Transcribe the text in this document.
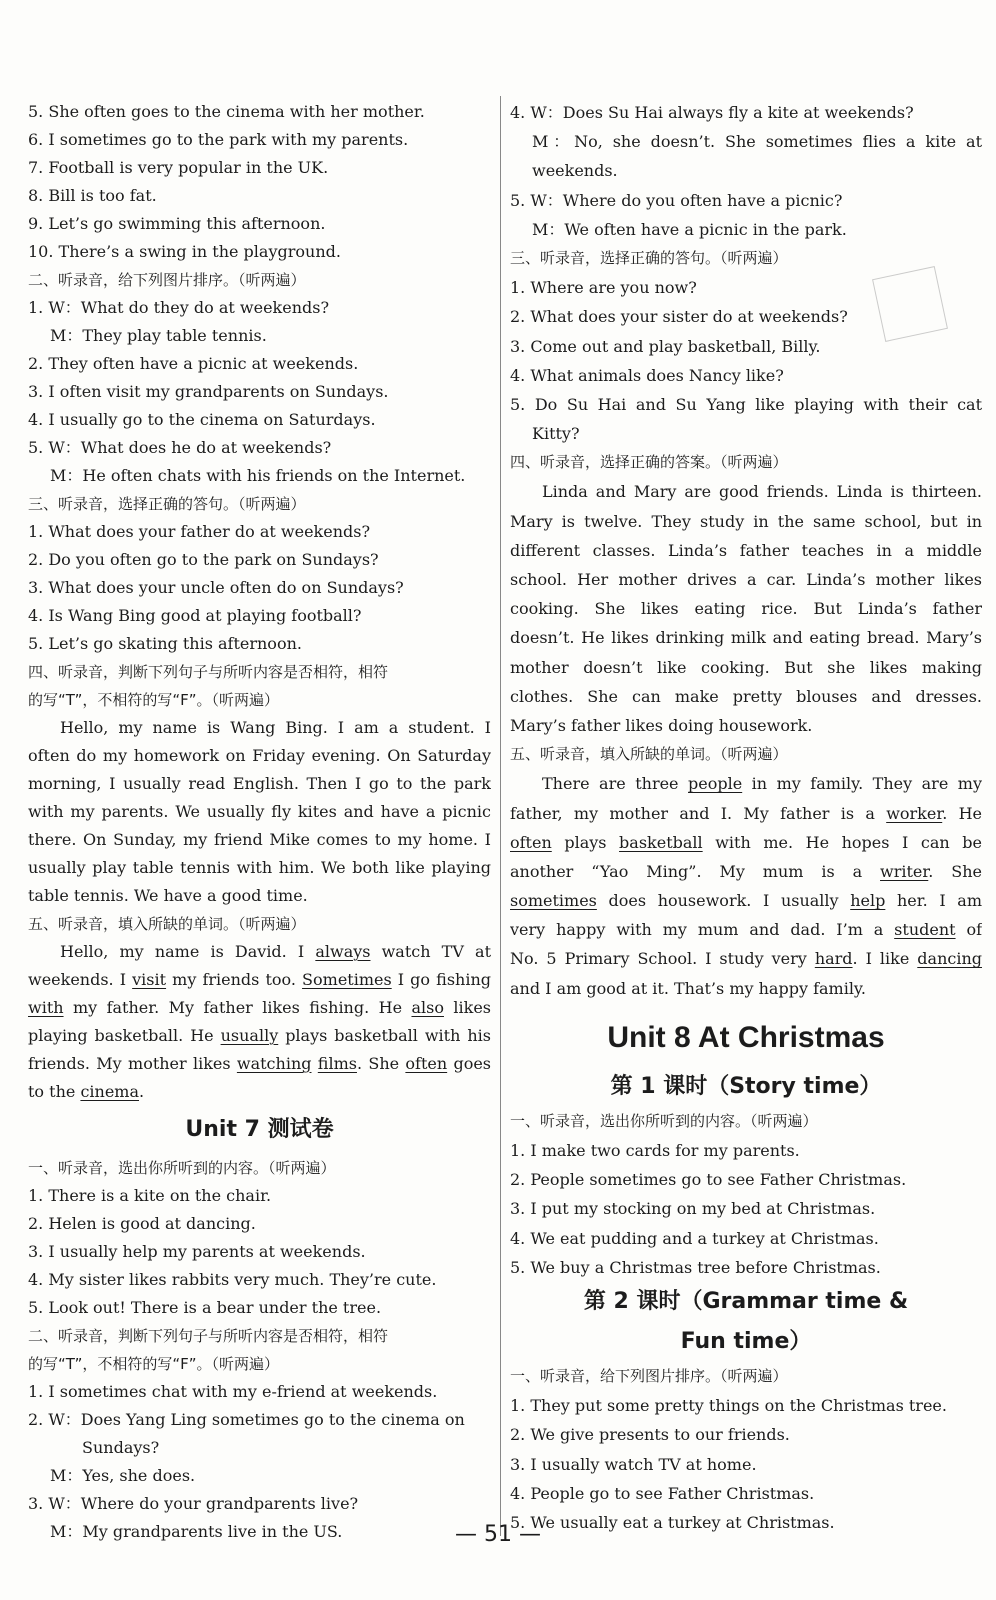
5. She often goes to the cinema with her mother.
6. I sometimes go to the park with my parents.
7. Football is very popular in the UK.
8. Bill is too fat.
9. Let’s go swimming this afternoon.
10. There’s a swing in the playground.
二、听录音，给下列图片排序。（听两遍）
1. W：What do they do at weekends?
M：They play table tennis.
2. They often have a picnic at weekends.
3. I often visit my grandparents on Sundays.
4. I usually go to the cinema on Saturdays.
5. W：What does he do at weekends?
M：He often chats with his friends on the Internet.
三、听录音，选择正确的答句。（听两遍）
1. What does your father do at weekends?
2. Do you often go to the park on Sundays?
3. What does your uncle often do on Sundays?
4. Is Wang Bing good at playing football?
5. Let’s go skating this afternoon.
四、听录音，判断下列句子与所听内容是否相符，相符
的写“T”，不相符的写“F”。（听两遍）
Hello, my name is Wang Bing. I am a student. I
often do my homework on Friday evening. On Saturday
morning, I usually read English. Then I go to the park
with my parents. We usually fly kites and have a picnic
there. On Sunday, my friend Mike comes to my home. I
usually play table tennis with him. We both like playing
table tennis. We have a good time.
五、听录音，填入所缺的单词。（听两遍）
Hello, my name is David. I always watch TV at
weekends. I visit my friends too. Sometimes I go fishing
with my father. My father likes fishing. He also likes
playing basketball. He usually plays basketball with his
friends. My mother likes watching films. She often goes
to the cinema.
Unit 7 测试卷
一、听录音，选出你所听到的内容。（听两遍）
1. There is a kite on the chair.
2. Helen is good at dancing.
3. I usually help my parents at weekends.
4. My sister likes rabbits very much. They’re cute.
5. Look out! There is a bear under the tree.
二、听录音，判断下列句子与所听内容是否相符，相符
的写“T”，不相符的写“F”。（听两遍）
1. I sometimes chat with my e-friend at weekends.
2. W：Does Yang Ling sometimes go to the cinema on
Sundays?
M：Yes, she does.
3. W：Where do your grandparents live?
M：My grandparents live in the US.
4. W：Does Su Hai always fly a kite at weekends?
M：No, she doesn’t. She sometimes flies a kite at
weekends.
5. W：Where do you often have a picnic?
M：We often have a picnic in the park.
三、听录音，选择正确的答句。（听两遍）
1. Where are you now?
2. What does your sister do at weekends?
3. Come out and play basketball, Billy.
4. What animals does Nancy like?
5. Do Su Hai and Su Yang like playing with their cat
Kitty?
四、听录音，选择正确的答案。（听两遍）
Linda and Mary are good friends. Linda is thirteen.
Mary is twelve. They study in the same school, but in
different classes. Linda’s father teaches in a middle
school. Her mother drives a car. Linda’s mother likes
cooking. She likes eating rice. But Linda’s father
doesn’t. He likes drinking milk and eating bread. Mary’s
mother doesn’t like cooking. But she likes making
clothes. She can make pretty blouses and dresses.
Mary’s father likes doing housework.
五、听录音，填入所缺的单词。（听两遍）
There are three people in my family. They are my
father, my mother and I. My father is a worker. He
often plays basketball with me. He hopes I can be
another “Yao Ming”. My mum is a writer. She
sometimes does housework. I usually help her. I am
very happy with my mum and dad. I’m a student of
No. 5 Primary School. I study very hard. I like dancing
and I am good at it. That’s my happy family.
Unit 8 At Christmas
第 1 课时（Story time）
一、听录音，选出你所听到的内容。（听两遍）
1. I make two cards for my parents.
2. People sometimes go to see Father Christmas.
3. I put my stocking on my bed at Christmas.
4. We eat pudding and a turkey at Christmas.
5. We buy a Christmas tree before Christmas.
第 2 课时（Grammar time &
Fun time）
一、听录音，给下列图片排序。（听两遍）
1. They put some pretty things on the Christmas tree.
2. We give presents to our friends.
3. I usually watch TV at home.
4. People go to see Father Christmas.
5. We usually eat a turkey at Christmas.
— 51 —
